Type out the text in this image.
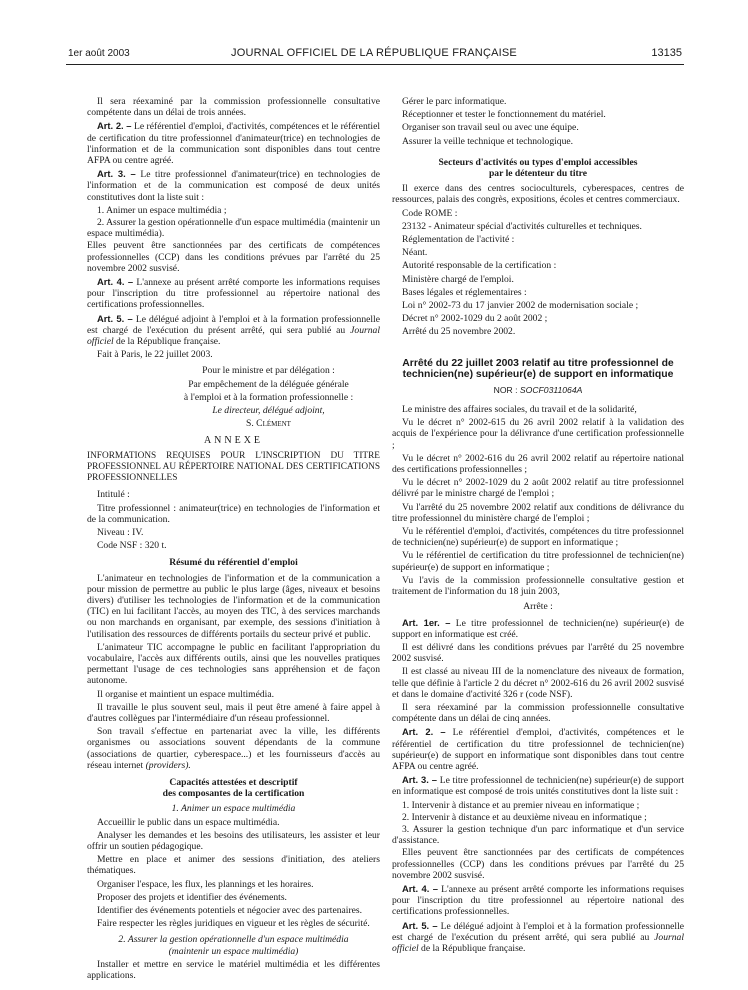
1er août 2003	JOURNAL OFFICIEL DE LA RÉPUBLIQUE FRANÇAISE	13135

Il sera réexaminé par la commission professionnelle consultative compétente dans un délai de trois années.

Art. 2. – Le référentiel d'emploi, d'activités, compétences et le référentiel de certification du titre professionnel d'animateur(trice) en technologies de l'information et de la communication sont disponibles dans tout centre AFPA ou centre agréé.

Art. 3. – Le titre professionnel d'animateur(trice) en technologies de l'information et de la communication est composé de deux unités constitutives dont la liste suit :

1. Animer un espace multimédia ;

2. Assurer la gestion opérationnelle d'un espace multimédia (maintenir un espace multimédia).

Elles peuvent être sanctionnées par des certificats de compétences professionnelles (CCP) dans les conditions prévues par l'arrêté du 25 novembre 2002 susvisé.

Art. 4. – L'annexe au présent arrêté comporte les informations requises pour l'inscription du titre professionnel au répertoire national des certifications professionnelles.

Art. 5. – Le délégué adjoint à l'emploi et à la formation professionnelle est chargé de l'exécution du présent arrêté, qui sera publié au Journal officiel de la République française.

Fait à Paris, le 22 juillet 2003.

Pour le ministre et par délégation :

Par empêchement de la déléguée générale

à l'emploi et à la formation professionnelle :

Le directeur, délégué adjoint,

S. Clément

ANNEXE

INFORMATIONS REQUISES POUR L'INSCRIPTION DU TITRE PROFESSIONNEL AU RÉPERTOIRE NATIONAL DES CERTIFICATIONS PROFESSIONNELLES

Intitulé :

Titre professionnel : animateur(trice) en technologies de l'information et de la communication.

Niveau : IV.

Code NSF : 320 t.

Résumé du référentiel d'emploi

L'animateur en technologies de l'information et de la communication a pour mission de permettre au public le plus large (âges, niveaux et besoins divers) d'utiliser les technologies de l'information et de la communication (TIC) en lui facilitant l'accès, au moyen des TIC, à des services marchands ou non marchands en organisant, par exemple, des sessions d'initiation à l'utilisation des ressources de différents portails du secteur privé et public.

L'animateur TIC accompagne le public en facilitant l'appropriation du vocabulaire, l'accès aux différents outils, ainsi que les nouvelles pratiques permettant l'usage de ces technologies sans appréhension et de façon autonome.

Il organise et maintient un espace multimédia.

Il travaille le plus souvent seul, mais il peut être amené à faire appel à d'autres collègues par l'intermédiaire d'un réseau professionnel.

Son travail s'effectue en partenariat avec la ville, les différents organismes ou associations souvent dépendants de la commune (associations de quartier, cyberespace...) et les fournisseurs d'accès au réseau internet (providers).

Capacités attestées et descriptif

des composantes de la certification

1. Animer un espace multimédia

Accueillir le public dans un espace multimédia.

Analyser les demandes et les besoins des utilisateurs, les assister et leur offrir un soutien pédagogique.

Mettre en place et animer des sessions d'initiation, des ateliers thématiques.

Organiser l'espace, les flux, les plannings et les horaires.

Proposer des projets et identifier des événements.

Identifier des événements potentiels et négocier avec des partenaires.

Faire respecter les règles juridiques en vigueur et les règles de sécurité.

2. Assurer la gestion opérationnelle d'un espace multimédia

(maintenir un espace multimédia)

Installer et mettre en service le matériel multimédia et les différentes applications.

Gérer le parc informatique.

Réceptionner et tester le fonctionnement du matériel.

Organiser son travail seul ou avec une équipe.

Assurer la veille technique et technologique.

Secteurs d'activités ou types d'emploi accessibles

par le détenteur du titre

Il exerce dans des centres socioculturels, cyberespaces, centres de ressources, palais des congrès, expositions, écoles et centres commerciaux.

Code ROME :

23132 - Animateur spécial d'activités culturelles et techniques.

Réglementation de l'activité :

Néant.

Autorité responsable de la certification :

Ministère chargé de l'emploi.

Bases légales et réglementaires :

Loi n° 2002-73 du 17 janvier 2002 de modernisation sociale ;

Décret n° 2002-1029 du 2 août 2002 ;

Arrêté du 25 novembre 2002.

Arrêté du 22 juillet 2003 relatif au titre professionnel de technicien(ne) supérieur(e) de support en informatique

NOR : SOCF0311064A

Le ministre des affaires sociales, du travail et de la solidarité,

Vu le décret n° 2002-615 du 26 avril 2002 relatif à la validation des acquis de l'expérience pour la délivrance d'une certification professionnelle ;

Vu le décret n° 2002-616 du 26 avril 2002 relatif au répertoire national des certifications professionnelles ;

Vu le décret n° 2002-1029 du 2 août 2002 relatif au titre professionnel délivré par le ministre chargé de l'emploi ;

Vu l'arrêté du 25 novembre 2002 relatif aux conditions de délivrance du titre professionnel du ministère chargé de l'emploi ;

Vu le référentiel d'emploi, d'activités, compétences du titre professionnel de technicien(ne) supérieur(e) de support en informatique ;

Vu le référentiel de certification du titre professionnel de technicien(ne) supérieur(e) de support en informatique ;

Vu l'avis de la commission professionnelle consultative gestion et traitement de l'information du 18 juin 2003,

Arrête :

Art. 1er. – Le titre professionnel de technicien(ne) supérieur(e) de support en informatique est créé.

Il est délivré dans les conditions prévues par l'arrêté du 25 novembre 2002 susvisé.

Il est classé au niveau III de la nomenclature des niveaux de formation, telle que définie à l'article 2 du décret n° 2002-616 du 26 avril 2002 susvisé et dans le domaine d'activité 326 r (code NSF).

Il sera réexaminé par la commission professionnelle consultative compétente dans un délai de cinq années.

Art. 2. – Le référentiel d'emploi, d'activités, compétences et le référentiel de certification du titre professionnel de technicien(ne) supérieur(e) de support en informatique sont disponibles dans tout centre AFPA ou centre agréé.

Art. 3. – Le titre professionnel de technicien(ne) supérieur(e) de support en informatique est composé de trois unités constitutives dont la liste suit :

1. Intervenir à distance et au premier niveau en informatique ;

2. Intervenir à distance et au deuxième niveau en informatique ;

3. Assurer la gestion technique d'un parc informatique et d'un service d'assistance.

Elles peuvent être sanctionnées par des certificats de compétences professionnelles (CCP) dans les conditions prévues par l'arrêté du 25 novembre 2002 susvisé.

Art. 4. – L'annexe au présent arrêté comporte les informations requises pour l'inscription du titre professionnel au répertoire national des certifications professionnelles.

Art. 5. – Le délégué adjoint à l'emploi et à la formation professionnelle est chargé de l'exécution du présent arrêté, qui sera publié au Journal officiel de la République française.
